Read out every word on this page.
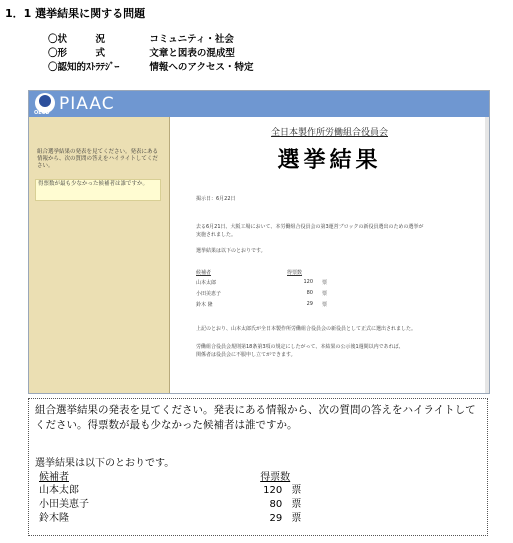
1．1 選挙結果に関する問題
〇状　　　況	コミュニティ・社会
〇形　　　式	文章と図表の混成型
〇認知的ｽﾄﾗﾃｼﾞｰ	情報へのアクセス・特定
OECD PIAAC
組合選挙結果の発表を見てください。発表にある情報から、次の質問の答えをハイライトしてください。
得票数が最も少なかった候補者は誰ですか。
全日本製作所労働組合役員会
選挙結果
掲示日：6月22日
去る6月21日、大阪工場において、本労働組合役員会の第3運営ブロックの新役員選出のための選挙が
実施されました。
選挙結果は以下のとおりです。
候補者	得票数
山本太郎	120 票
小田美恵子	80 票
鈴木 隆	29 票
上記のとおり、山本太郎氏が全日本製作所労働組合役員会の新役員として正式に選出されました。
労働組合役員会規則第18条第3項の規定にしたがって、本結果の公示後1週間以内であれば、
関係者は役員会に不服申し立てができます。
組合選挙結果の発表を見てください。発表にある情報から、次の質問の答えをハイライトしてください。得票数が最も少なかった候補者は誰ですか。
選挙結果は以下のとおりです。
候補者	得票数
山本太郎	120 票
小田美恵子	80 票
鈴木隆	29 票
